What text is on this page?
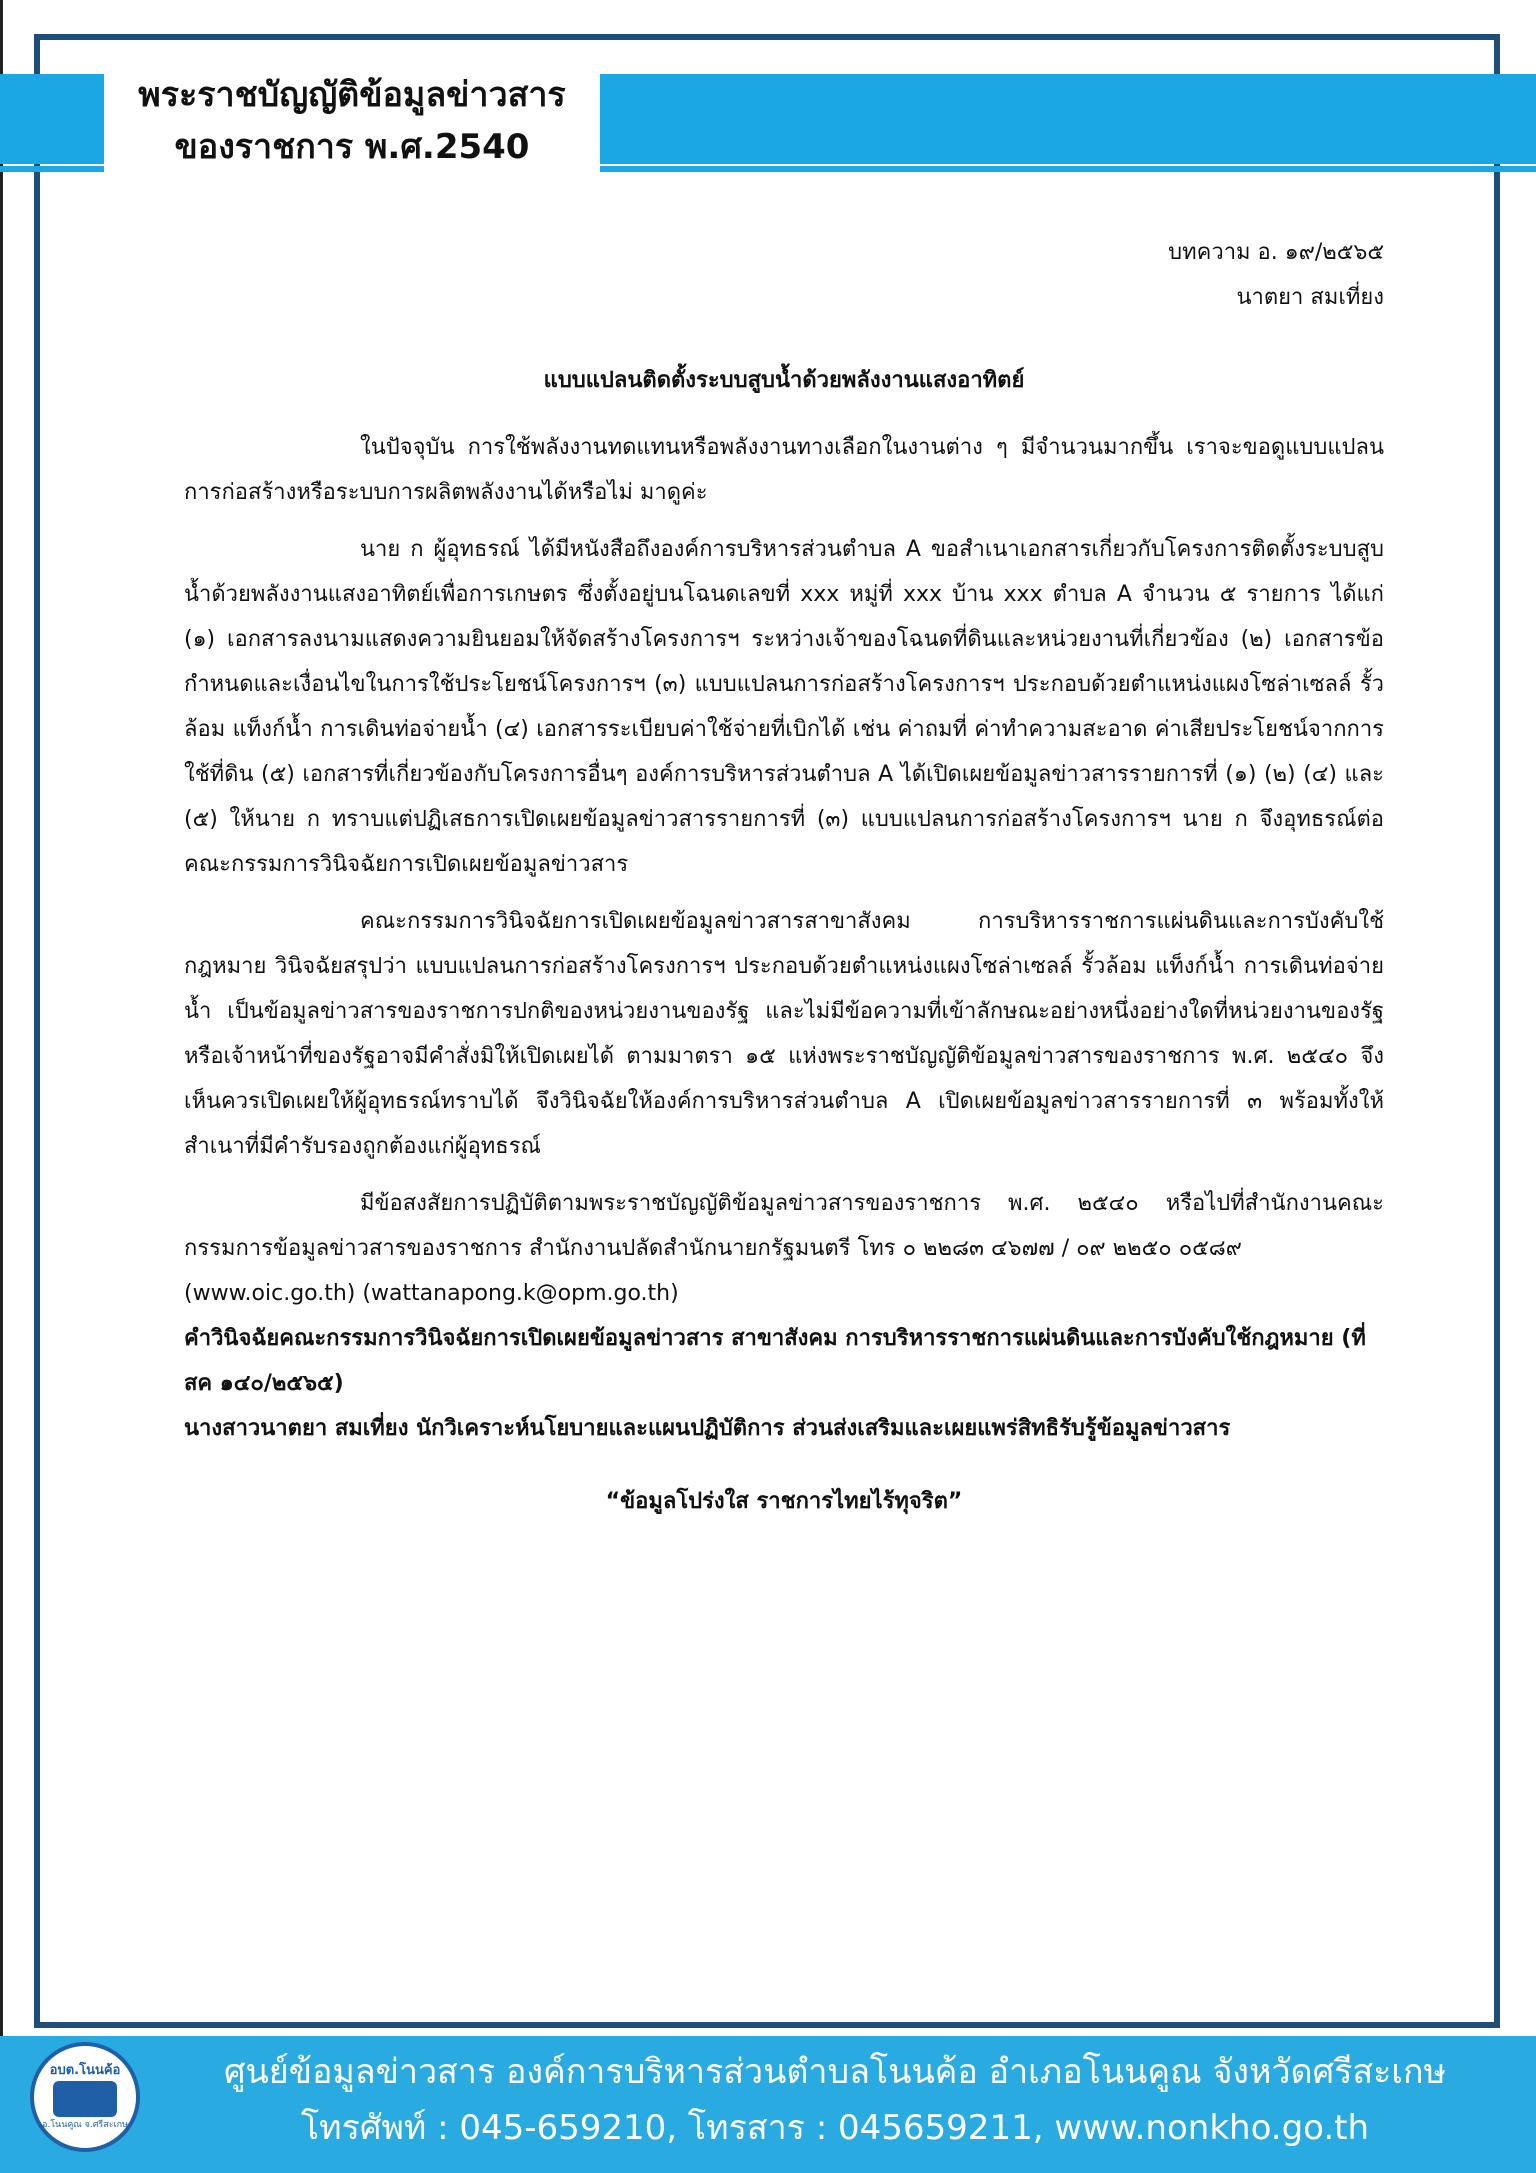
พระราชบัญญัติข้อมูลข่าวสาร
ของราชการ พ.ศ.2540
บทความ อ. ๑๙/๒๕๖๕
นาตยา สมเที่ยง
แบบแปลนติดตั้งระบบสูบน้ำด้วยพลังงานแสงอาทิตย์

ในปัจจุบัน การใช้พลังงานทดแทนหรือพลังงานทางเลือกในงานต่าง ๆ มีจำนวนมากขึ้น เราจะขอดูแบบแปลนการก่อสร้างหรือระบบการผลิตพลังงานได้หรือไม่ มาดูค่ะ

นาย ก ผู้อุทธรณ์ ได้มีหนังสือถึงองค์การบริหารส่วนตำบล A ขอสำเนาเอกสารเกี่ยวกับโครงการติดตั้งระบบสูบน้ำด้วยพลังงานแสงอาทิตย์เพื่อการเกษตร ซึ่งตั้งอยู่บนโฉนดเลขที่ xxx หมู่ที่ xxx บ้าน xxx ตำบล A จำนวน ๕ รายการ ได้แก่ (๑) เอกสารลงนามแสดงความยินยอมให้จัดสร้างโครงการฯ ระหว่างเจ้าของโฉนดที่ดินและหน่วยงานที่เกี่ยวข้อง (๒) เอกสารข้อกำหนดและเงื่อนไขในการใช้ประโยชน์โครงการฯ (๓) แบบแปลนการก่อสร้างโครงการฯ ประกอบด้วยตำแหน่งแผงโซล่าเซลล์ รั้วล้อม แท็งก์น้ำ การเดินท่อจ่ายน้ำ (๔) เอกสารระเบียบค่าใช้จ่ายที่เบิกได้ เช่น ค่าถมที่ ค่าทำความสะอาด ค่าเสียประโยชน์จากการใช้ที่ดิน (๕) เอกสารที่เกี่ยวข้องกับโครงการอื่นๆ องค์การบริหารส่วนตำบล A ได้เปิดเผยข้อมูลข่าวสารรายการที่ (๑) (๒) (๔) และ (๕) ให้นาย ก ทราบแต่ปฏิเสธการเปิดเผยข้อมูลข่าวสารรายการที่ (๓) แบบแปลนการก่อสร้างโครงการฯ นาย ก จึงอุทธรณ์ต่อคณะกรรมการวินิจฉัยการเปิดเผยข้อมูลข่าวสาร

คณะกรรมการวินิจฉัยการเปิดเผยข้อมูลข่าวสารสาขาสังคม การบริหารราชการแผ่นดินและการบังคับใช้กฎหมาย วินิจฉัยสรุปว่า แบบแปลนการก่อสร้างโครงการฯ ประกอบด้วยตำแหน่งแผงโซล่าเซลล์ รั้วล้อม แท็งก์น้ำ การเดินท่อจ่ายน้ำ เป็นข้อมูลข่าวสารของราชการปกติของหน่วยงานของรัฐ และไม่มีข้อความที่เข้าลักษณะอย่างหนึ่งอย่างใดที่หน่วยงานของรัฐหรือเจ้าหน้าที่ของรัฐอาจมีคำสั่งมิให้เปิดเผยได้ ตามมาตรา ๑๕ แห่งพระราชบัญญัติข้อมูลข่าวสารของราชการ พ.ศ. ๒๕๔๐ จึงเห็นควรเปิดเผยให้ผู้อุทธรณ์ทราบได้ จึงวินิจฉัยให้องค์การบริหารส่วนตำบล A เปิดเผยข้อมูลข่าวสารรายการที่ ๓ พร้อมทั้งให้สำเนาที่มีคำรับรองถูกต้องแก่ผู้อุทธรณ์

มีข้อสงสัยการปฏิบัติตามพระราชบัญญัติข้อมูลข่าวสารของราชการ พ.ศ. ๒๕๔๐ หรือไปที่สำนักงานคณะกรรมการข้อมูลข่าวสารของราชการ สำนักงานปลัดสำนักนายกรัฐมนตรี โทร ๐ ๒๒๘๓ ๔๖๗๗ / ๐๙ ๒๒๕๐ ๐๕๘๙

(www.oic.go.th) (wattanapong.k@opm.go.th)

คำวินิจฉัยคณะกรรมการวินิจฉัยการเปิดเผยข้อมูลข่าวสาร สาขาสังคม การบริหารราชการแผ่นดินและการบังคับใช้กฎหมาย (ที่ สค ๑๔๐/๒๕๖๕)

นางสาวนาตยา สมเที่ยง นักวิเคราะห์นโยบายและแผนปฏิบัติการ ส่วนส่งเสริมและเผยแพร่สิทธิรับรู้ข้อมูลข่าวสาร

“ข้อมูลโปร่งใส ราชการไทยไร้ทุจริต”
อบต.โนนค้อ
อ.โนนคูณ จ.ศรีสะเกษ
ศูนย์ข้อมูลข่าวสาร องค์การบริหารส่วนตำบลโนนค้อ อำเภอโนนคูณ จังหวัดศรีสะเกษ
โทรศัพท์ : 045-659210, โทรสาร : 045659211, www.nonkho.go.th
